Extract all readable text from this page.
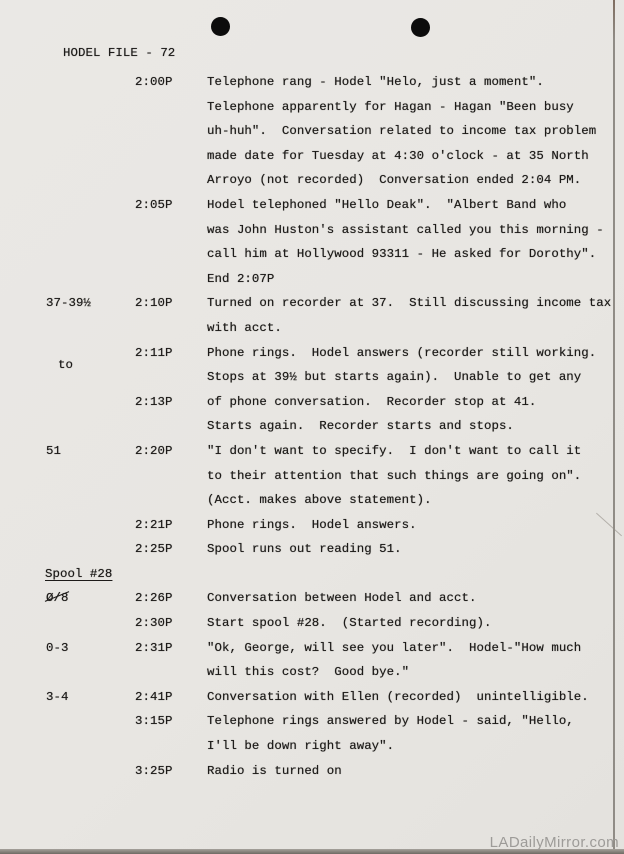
HODEL FILE - 72
2:00P	Telephone rang - Hodel "Helo, just a moment".
Telephone apparently for Hagan - Hagan "Been busy
uh-huh".  Conversation related to income tax problem
made date for Tuesday at 4:30 o'clock - at 35 North
Arroyo (not recorded)  Conversation ended 2:04 PM.
2:05P	Hodel telephoned "Hello Deak".  "Albert Band who
was John Huston's assistant called you this morning -
call him at Hollywood 93311 - He asked for Dorothy".
End 2:07P
37-39½	2:10P	Turned on recorder at 37.  Still discussing income tax
with acct.
to
2:11P	Phone rings.  Hodel answers (recorder still working.
Stops at 39½ but starts again).  Unable to get any
2:13P	of phone conversation.  Recorder stop at 41.
Starts again.  Recorder starts and stops.
51	2:20P	"I don't want to specify.  I don't want to call it
to their attention that such things are going on".
(Acct. makes above statement).
2:21P	Phone rings.  Hodel answers.
2:25P	Spool runs out reading 51.
Spool #28
Ø/8	2:26P	Conversation between Hodel and acct.
2:30P	Start spool #28.  (Started recording).
0-3	2:31P	"Ok, George, will see you later".  Hodel-"How much
will this cost?  Good bye."
3-4	2:41P	Conversation with Ellen (recorded)  unintelligible.
3:15P	Telephone rings answered by Hodel - said, "Hello,
I'll be down right away".
3:25P	Radio is turned on
LADailyMirror.com
